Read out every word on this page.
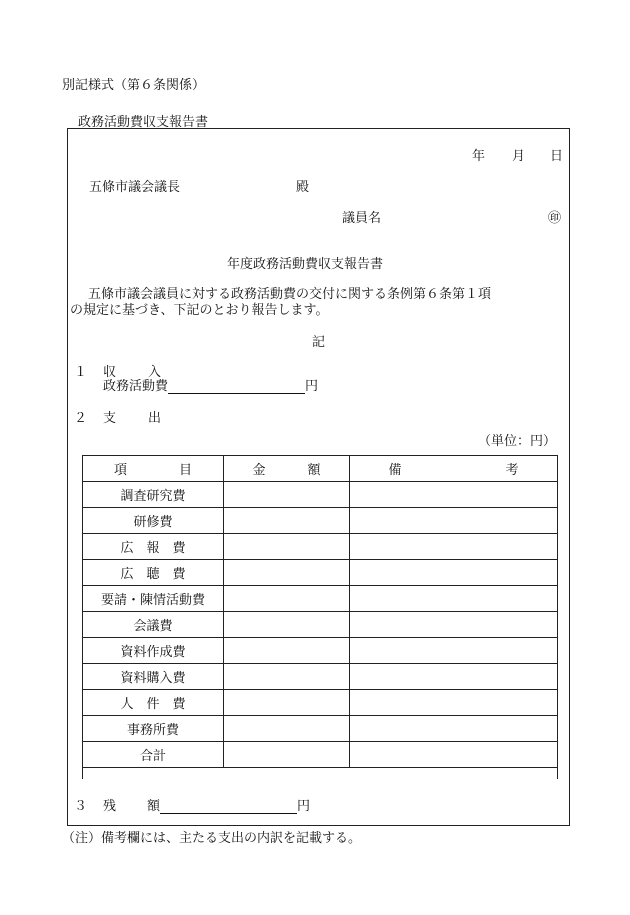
別記様式（第６条関係）
政務活動費収支報告書
年 月 日
五條市議会議長	殿
議員名	㊞
年度政務活動費収支報告書
五條市議会議員に対する政務活動費の交付に関する条例第６条第１項
の規定に基づき、下記のとおり報告します。
記
１ 収 入
政務活動費	円
２ 支 出
（単位：円）
項 目	金 額	備 考
調査研究費		
研修費		
広　報　費		
広　聴　費		
要請・陳情活動費		
会議費		
資料作成費		
資料購入費		
人　件　費		
事務所費		
合計		

３ 残 額	円
（注）備考欄には、主たる支出の内訳を記載する。
